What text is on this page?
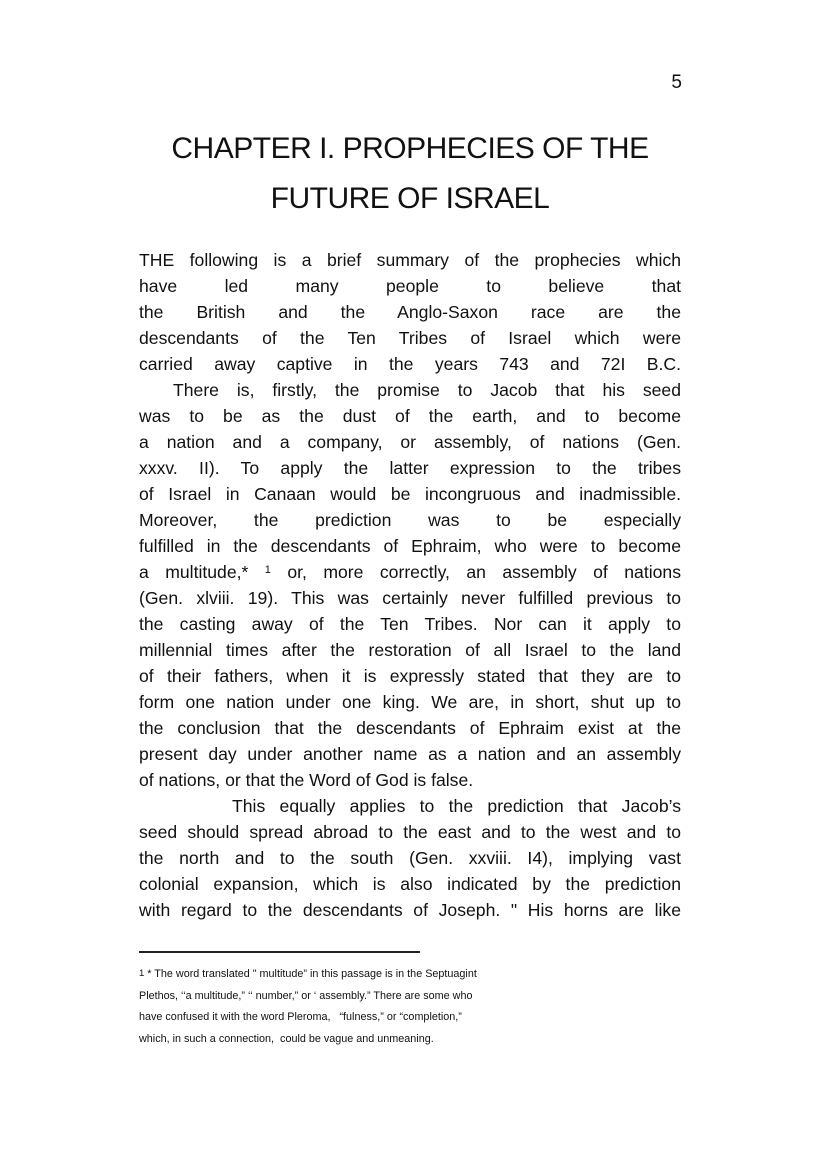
5
CHAPTER I. PROPHECIES OF THE
FUTURE OF ISRAEL
THE following is a brief summary of the prophecies which
have led many people to believe that
the British and the Anglo-Saxon race are the
descendants of the Ten Tribes of Israel which were
carried away captive in the years 743 and 72I B.C.
There is, firstly, the promise to Jacob that his seed
was to be as the dust of the earth, and to become
a nation and a company, or assembly, of nations (Gen.
xxxv. II). To apply the latter expression to the tribes
of Israel in Canaan would be incongruous and inadmissible.
Moreover, the prediction was to be especially
fulfilled in the descendants of Ephraim, who were to become
a multitude,* $^1$ or, more correctly, an assembly of nations
(Gen. xlviii. 19). This was certainly never fulfilled previous to
the casting away of the Ten Tribes. Nor can it apply to
millennial times after the restoration of all Israel to the land
of their fathers, when it is expressly stated that they are to
form one nation under one king. We are, in short, shut up to
the conclusion that the descendants of Ephraim exist at the
present day under another name as a nation and an assembly
of nations, or that the Word of God is false.
This equally applies to the prediction that Jacob’s
seed should spread abroad to the east and to the west and to
the north and to the south (Gen. xxviii. I4), implying vast
colonial expansion, which is also indicated by the prediction
with regard to the descendants of Joseph. " His horns are like
$^1$ * The word translated " multitude” in this passage is in the Septuagint
Plethos, ‘‘a multitude,” ‘‘ number,” or ‘ assembly.” There are some who
have confused it with the word Pleroma,   “fulness,” or “completion,”
which, in such a connection,  could be vague and unmeaning.
